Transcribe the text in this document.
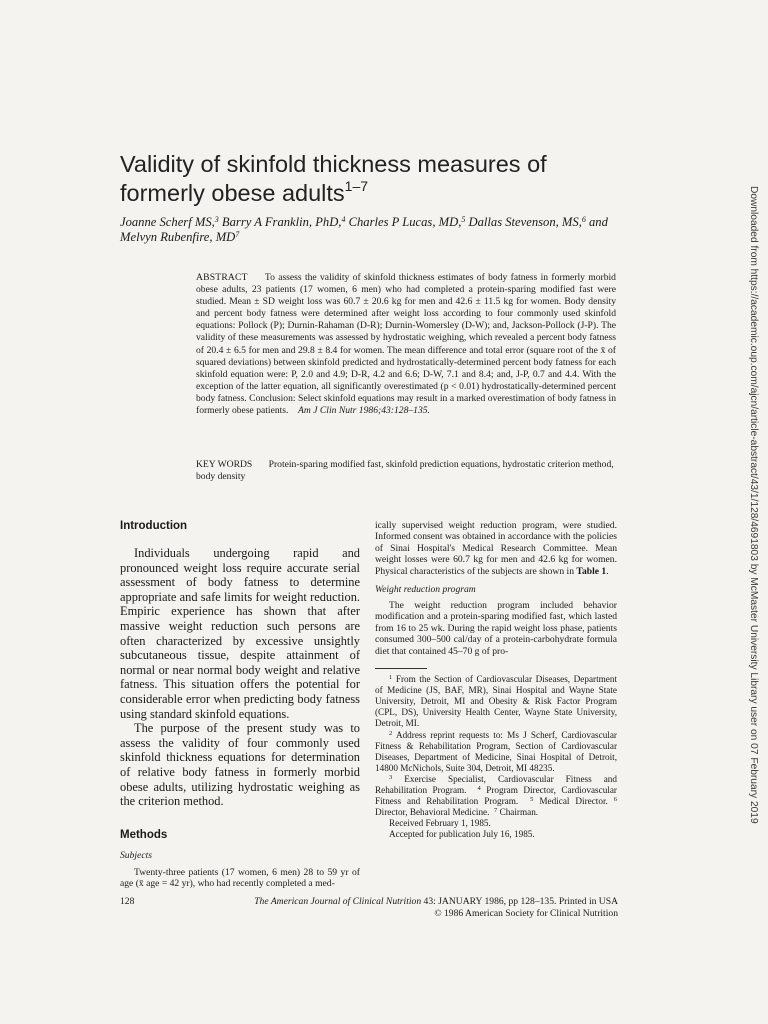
Validity of skinfold thickness measures of formerly obese adults$^{1-7}$
Joanne Scherf MS,$^3$ Barry A Franklin, PhD,$^4$ Charles P Lucas, MD,$^5$ Dallas Stevenson, MS,$^6$ and Melvyn Rubenfire, $MD^7$
ABSTRACT To assess the validity of skinfold thickness estimates of body fatness in formerly morbid obese adults, 23 patients (17 women, 6 men) who had completed a protein-sparing modified fast were studied. Mean ± SD weight loss was 60.7 ± 20.6 kg for men and 42.6 ± 11.5 kg for women. Body density and percent body fatness were determined after weight loss according to four commonly used skinfold equations: Pollock (P); Durnin-Rahaman (D-R); Durnin-Womersley (D-W); and, Jackson-Pollock (J-P). The validity of these measurements was assessed by hydrostatic weighing, which revealed a percent body fatness of 20.4 ± 6.5 for men and 29.8 ± 8.4 for women. The mean difference and total error (square root of the x̄ of squared deviations) between skinfold predicted and hydrostatically-determined percent body fatness for each skinfold equation were: P, 2.0 and 4.9; D-R, 4.2 and 6.6; D-W, 7.1 and 8.4; and, J-P, 0.7 and 4.4. With the exception of the latter equation, all significantly overestimated (p < 0.01) hydrostatically-determined percent body fatness. Conclusion: Select skinfold equations may result in a marked overestimation of body fatness in formerly obese patients. Am J Clin Nutr 1986;43:128–135.
KEY WORDS Protein-sparing modified fast, skinfold prediction equations, hydrostatic criterion method, body density
Introduction

Individuals undergoing rapid and pronounced weight loss require accurate serial assessment of body fatness to determine appropriate and safe limits for weight reduction. Empiric experience has shown that after massive weight reduction such persons are often characterized by excessive unsightly subcutaneous tissue, despite attainment of normal or near normal body weight and relative fatness. This situation offers the potential for considerable error when predicting body fatness using standard skinfold equations.

The purpose of the present study was to assess the validity of four commonly used skinfold thickness equations for determination of relative body fatness in formerly morbid obese adults, utilizing hydrostatic weighing as the criterion method.

Methods

Subjects

Twenty-three patients (17 women, 6 men) 28 to 59 yr of age (x̄ age = 42 yr), who had recently completed a med-

ically supervised weight reduction program, were studied. Informed consent was obtained in accordance with the policies of Sinai Hospital's Medical Research Committee. Mean weight losses were 60.7 kg for men and 42.6 kg for women. Physical characteristics of the subjects are shown in Table 1.

Weight reduction program

The weight reduction program included behavior modification and a protein-sparing modified fast, which lasted from 16 to 25 wk. During the rapid weight loss phase, patients consumed 300–500 cal/day of a protein-carbohydrate formula diet that contained 45–70 g of pro-

$^1$ From the Section of Cardiovascular Diseases, Department of Medicine (JS, BAF, MR), Sinai Hospital and Wayne State University, Detroit, MI and Obesity & Risk Factor Program (CPL, DS), University Health Center, Wayne State University, Detroit, MI.

$^2$ Address reprint requests to: Ms J Scherf, Cardiovascular Fitness & Rehabilitation Program, Section of Cardiovascular Diseases, Department of Medicine, Sinai Hospital of Detroit, 14800 McNichols, Suite 304, Detroit, MI 48235.

$^3$ Exercise Specialist, Cardiovascular Fitness and Rehabilitation Program. $^4$ Program Director, Cardiovascular Fitness and Rehabilitation Program. $^5$ Medical Director. $^6$ Director, Behavioral Medicine. $^7$ Chairman.

Received February 1, 1985.

Accepted for publication July 16, 1985.

128	The American Journal of Clinical Nutrition 43: JANUARY 1986, pp 128–135. Printed in USA
© 1986 American Society for Clinical Nutrition
Downloaded from https://academic.oup.com/ajcn/article-abstract/43/1/128/4691803 by McMaster University Library user on 07 February 2019
